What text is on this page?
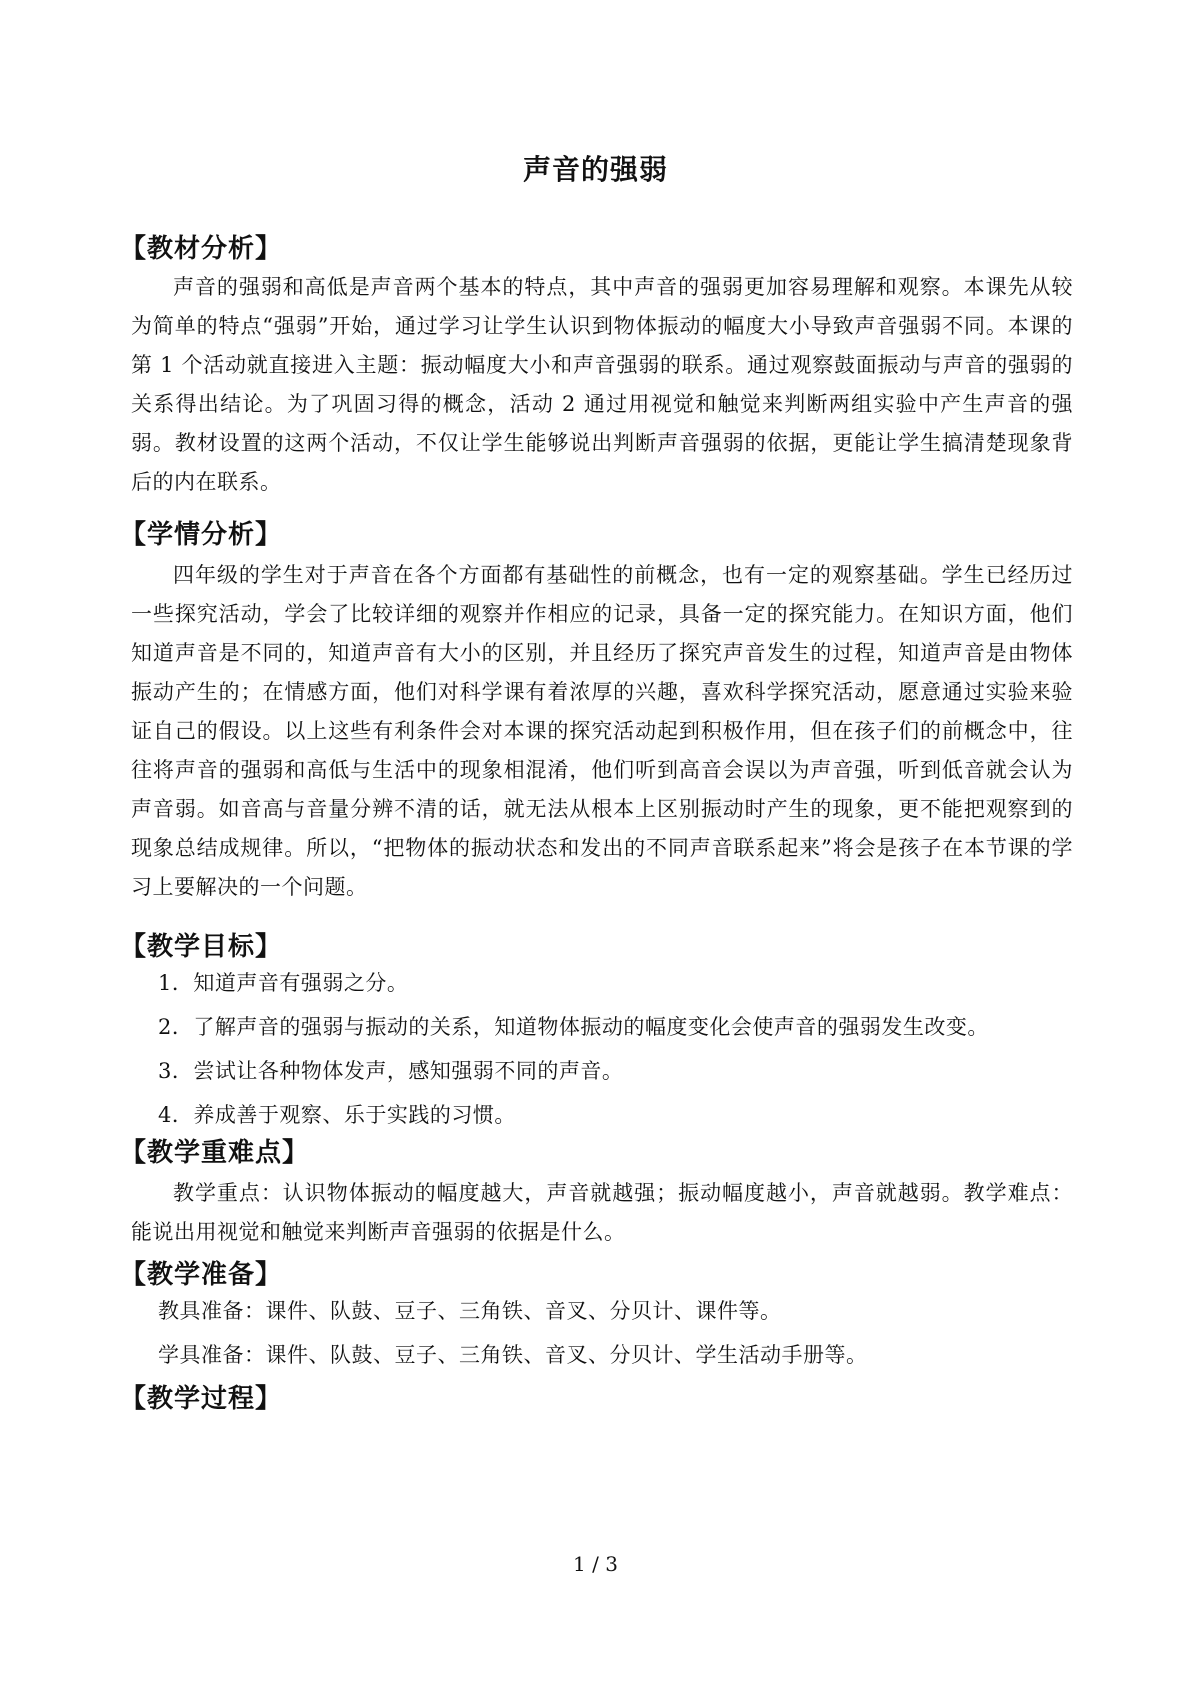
声音的强弱
【教材分析】
声音的强弱和高低是声音两个基本的特点，其中声音的强弱更加容易理解和观察。本课先从较为简单的特点“强弱”开始，通过学习让学生认识到物体振动的幅度大小导致声音强弱不同。本课的第 1 个活动就直接进入主题：振动幅度大小和声音强弱的联系。通过观察鼓面振动与声音的强弱的关系得出结论。为了巩固习得的概念，活动 2 通过用视觉和触觉来判断两组实验中产生声音的强弱。教材设置的这两个活动，不仅让学生能够说出判断声音强弱的依据，更能让学生搞清楚现象背后的内在联系。
【学情分析】
四年级的学生对于声音在各个方面都有基础性的前概念，也有一定的观察基础。学生已经历过一些探究活动，学会了比较详细的观察并作相应的记录，具备一定的探究能力。在知识方面，他们知道声音是不同的，知道声音有大小的区别，并且经历了探究声音发生的过程，知道声音是由物体振动产生的；在情感方面，他们对科学课有着浓厚的兴趣，喜欢科学探究活动，愿意通过实验来验证自己的假设。以上这些有利条件会对本课的探究活动起到积极作用，但在孩子们的前概念中，往往将声音的强弱和高低与生活中的现象相混淆，他们听到高音会误以为声音强，听到低音就会认为声音弱。如音高与音量分辨不清的话，就无法从根本上区别振动时产生的现象，更不能把观察到的现象总结成规律。所以，“把物体的振动状态和发出的不同声音联系起来”将会是孩子在本节课的学习上要解决的一个问题。
【教学目标】
1．知道声音有强弱之分。
2．了解声音的强弱与振动的关系，知道物体振动的幅度变化会使声音的强弱发生改变。
3．尝试让各种物体发声，感知强弱不同的声音。
4．养成善于观察、乐于实践的习惯。
【教学重难点】
教学重点：认识物体振动的幅度越大，声音就越强；振动幅度越小，声音就越弱。教学难点：能说出用视觉和触觉来判断声音强弱的依据是什么。
【教学准备】
教具准备：课件、队鼓、豆子、三角铁、音叉、分贝计、课件等。
学具准备：课件、队鼓、豆子、三角铁、音叉、分贝计、学生活动手册等。
【教学过程】
1 / 3
